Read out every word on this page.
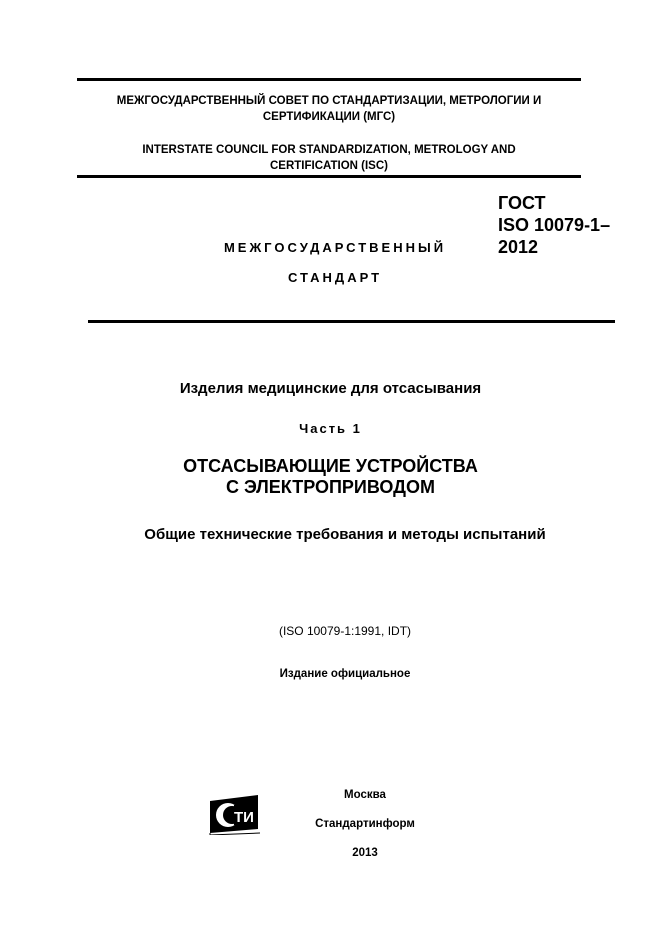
МЕЖГОСУДАРСТВЕННЫЙ СОВЕТ ПО СТАНДАРТИЗАЦИИ, МЕТРОЛОГИИ И
СЕРТИФИКАЦИИ (МГС)
INTERSTATE COUNCIL FOR STANDARDIZATION, METROLOGY AND
CERTIFICATION (ISC)
МЕЖГОСУДАРСТВЕННЫЙ
СТАНДАРТ
ГОСТ
ISO 10079-1–
2012
Изделия медицинские для отсасывания
Часть 1
ОТСАСЫВАЮЩИЕ УСТРОЙСТВА
С ЭЛЕКТРОПРИВОДОМ
Общие технические требования и методы испытаний
(ISO 10079-1:1991, IDT)
Издание официальное
ТИ
Москва
Стандартинформ
2013
